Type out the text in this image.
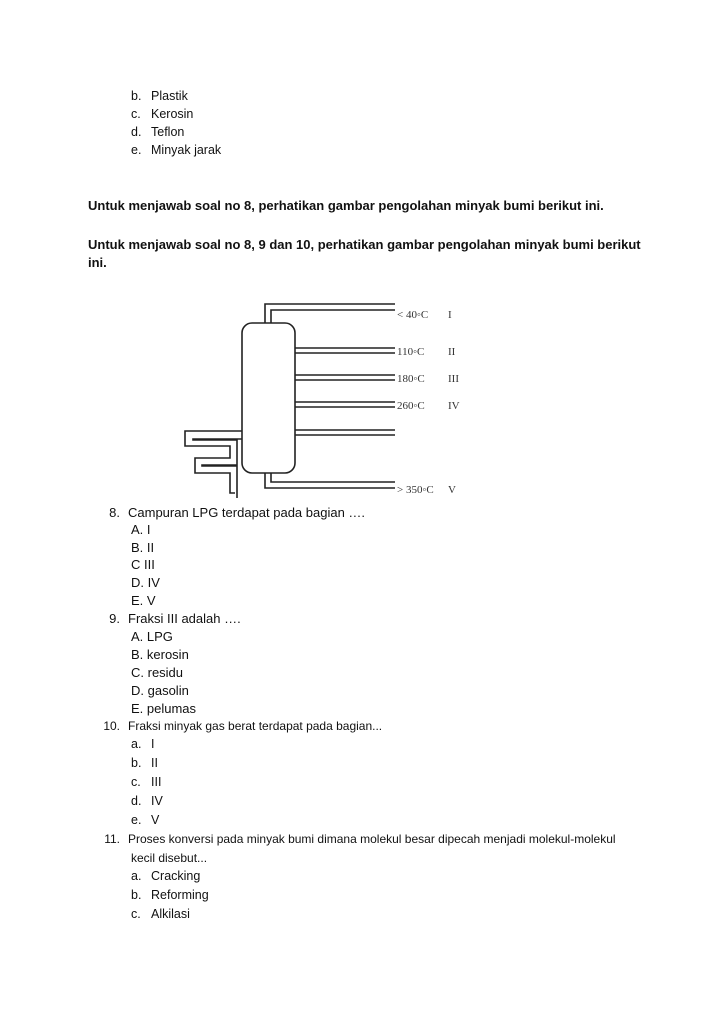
b. Plastik
c. Kerosin
d. Teflon
e. Minyak jarak
Untuk menjawab soal no 8, perhatikan gambar pengolahan minyak bumi berikut ini.
Untuk menjawab soal no 8, 9 dan 10, perhatikan gambar pengolahan minyak bumi berikut
ini.
< 40◦C
110◦C
180◦C
260◦C
> 350◦C
I
II
III
IV
V
8. Campuran LPG terdapat pada bagian ….
A. I
B. II
C III
D. IV
E. V
9. Fraksi III adalah ….
A. LPG
B. kerosin
C. residu
D. gasolin
E. pelumas
10. Fraksi minyak gas berat terdapat pada bagian...
a. I
b. II
c. III
d. IV
e. V
11. Proses konversi pada minyak bumi dimana molekul besar dipecah menjadi molekul-molekul
kecil disebut...
a. Cracking
b. Reforming
c. Alkilasi
